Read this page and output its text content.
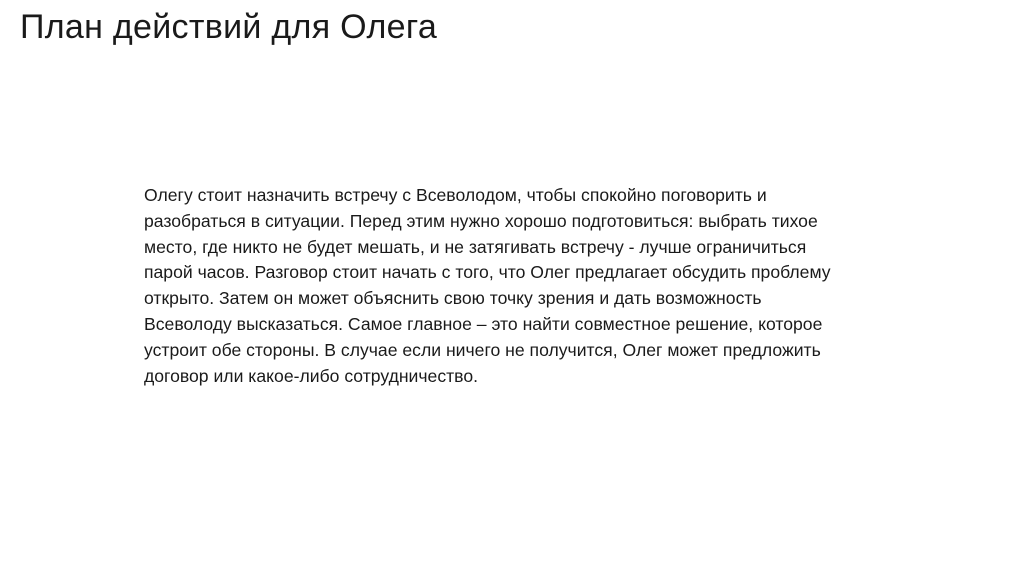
План действий для Олега
Олегу стоит назначить встречу с Всеволодом, чтобы спокойно поговорить и
разобраться в ситуации. Перед этим нужно хорошо подготовиться: выбрать тихое
место, где никто не будет мешать, и не затягивать встречу - лучше ограничиться
парой часов. Разговор стоит начать с того, что Олег предлагает обсудить проблему
открыто. Затем он может объяснить свою точку зрения и дать возможность
Всеволоду высказаться. Самое главное – это найти совместное решение, которое
устроит обе стороны. В случае если ничего не получится, Олег может предложить
договор или какое-либо сотрудничество.
